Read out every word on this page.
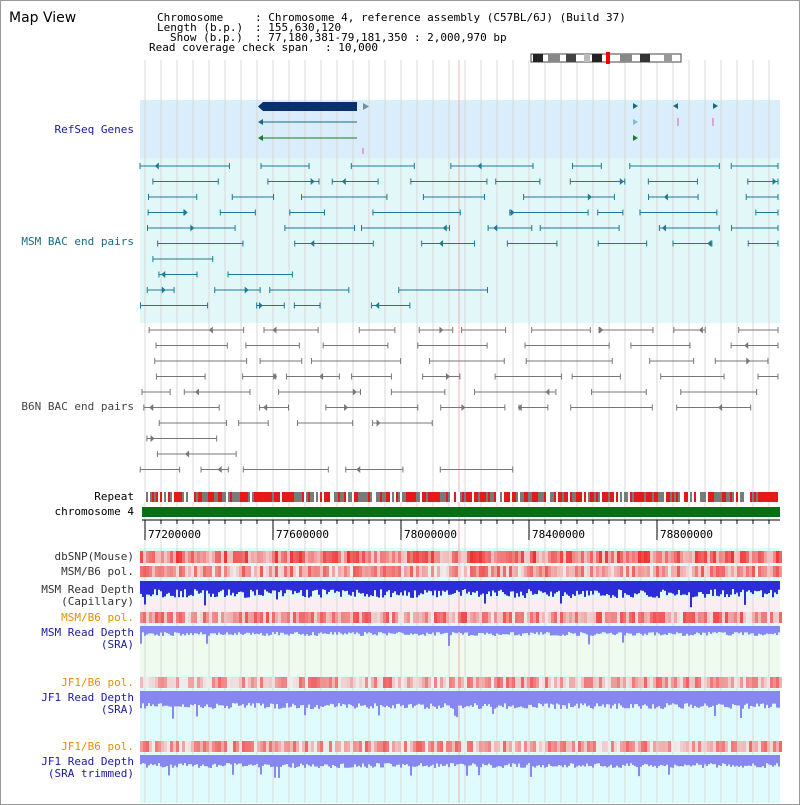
Map View	Chromosome	: Chromosome 4, reference assembly (C57BL/6J) (Build 37)
Length (b.p.) : 155,630,120
Show (b.p.) : 77,180,381-79,181,350 : 2,000,970 bp
Read coverage check span : 10,000
77200000	77600000	78000000	78400000	78800000
RefSeq Genes
MSM BAC end pairs
B6N BAC end pairs
Repeat
chromosome 4
dbSNP(Mouse)
MSM/B6 pol.
MSM Read Depth
(Capillary)
MSM/B6 pol.
MSM Read Depth
(SRA)
JF1/B6 pol.
JF1 Read Depth
(SRA)
JF1/B6 pol.
JF1 Read Depth
(SRA trimmed)
